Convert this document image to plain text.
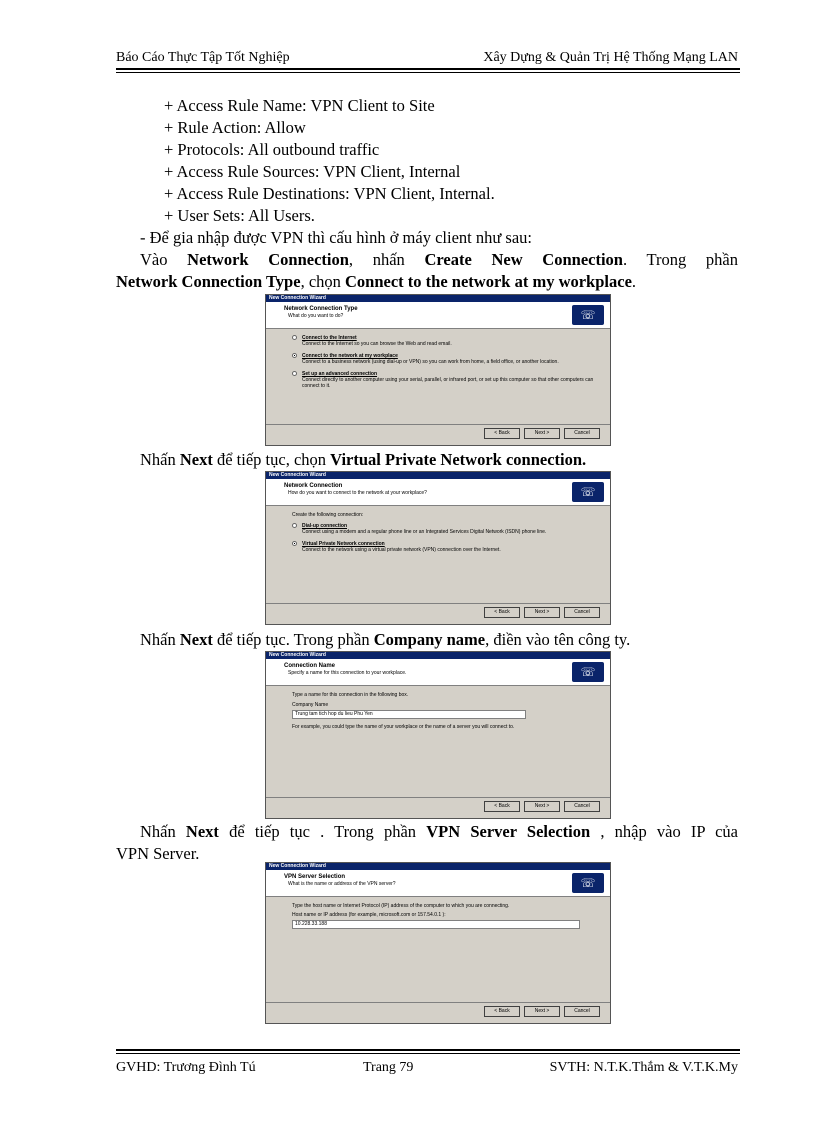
Báo Cáo Thực Tập Tốt Nghiệp	Xây Dựng & Quản Trị Hệ Thống Mạng LAN
+ Access Rule Name: VPN Client to Site
+ Rule Action: Allow
+ Protocols: All outbound traffic
+ Access Rule Sources: VPN Client, Internal
+ Access Rule Destinations: VPN Client, Internal.
+ User Sets: All Users.
- Để gia nhập được VPN thì cấu hình ở máy client như sau:
Vào Network Connection, nhấn Create New Connection. Trong phần
Network Connection Type, chọn Connect to the network at my workplace.
New Connection Wizard
Network Connection Type
What do you want to do?	☏
Connect to the Internet
Connect to the Internet so you can browse the Web and read email.
Connect to the network at my workplace
Connect to a business network (using dial-up or VPN) so you can work from home, a field office, or another location.
Set up an advanced connection
Connect directly to another computer using your serial, parallel, or infrared port, or set up this computer so that other computers can connect to it.
< Back	Next >	Cancel
Nhấn Next để tiếp tục, chọn Virtual Private Network connection.
New Connection Wizard
Network Connection
How do you want to connect to the network at your workplace?	☏
Create the following connection:
Dial-up connection
Connect using a modem and a regular phone line or an Integrated Services Digital Network (ISDN) phone line.
Virtual Private Network connection
Connect to the network using a virtual private network (VPN) connection over the Internet.
< Back	Next >	Cancel
Nhấn Next để tiếp tục. Trong phần Company name, điền vào tên công ty.
New Connection Wizard
Connection Name
Specify a name for this connection to your workplace.	☏
Type a name for this connection in the following box.
Company Name
Trung tam tich hop du lieu Phu Yen
For example, you could type the name of your workplace or the name of a server you will connect to.
< Back	Next >	Cancel
Nhấn Next để tiếp tục . Trong phần VPN Server Selection , nhập vào IP của
VPN Server.
New Connection Wizard
VPN Server Selection
What is the name or address of the VPN server?	☏
Type the host name or Internet Protocol (IP) address of the computer to which you are connecting.
Host name or IP address (for example, microsoft.com or 157.54.0.1 ):
10.228.33.188
< Back	Next >	Cancel
GVHD: Trương Đình Tú	Trang 79	SVTH: N.T.K.Thắm & V.T.K.My
